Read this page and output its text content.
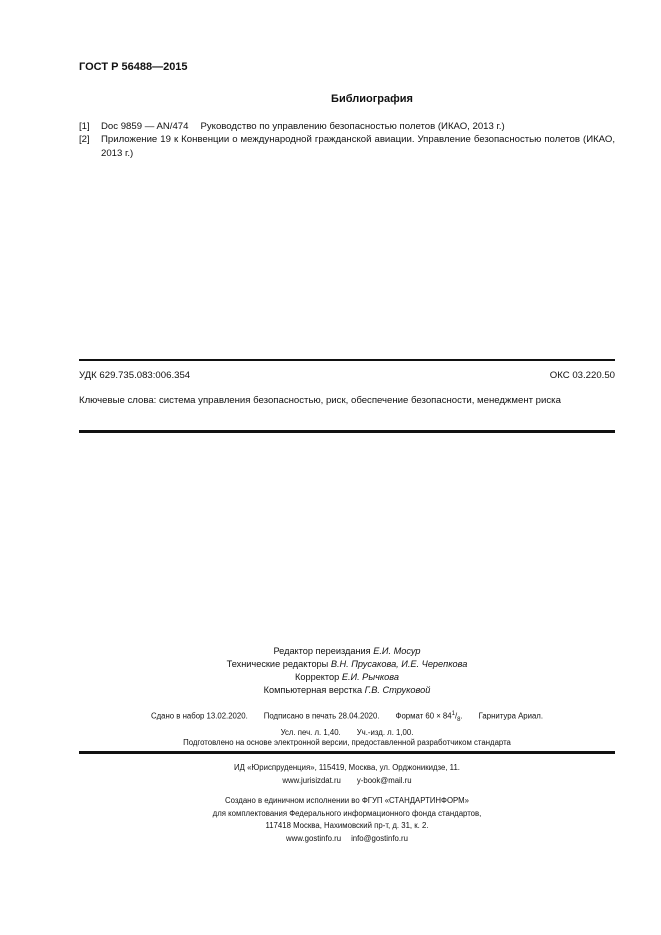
ГОСТ Р 56488—2015
Библиография
[1]	Doc 9859 — AN/474 Руководство по управлению безопасностью полетов (ИКАО, 2013 г.)
[2]	Приложение 19 к Конвенции о международной гражданской авиации. Управление безопасностью полетов (ИКАО, 2013 г.)
УДК 629.735.083:006.354	ОКС 03.220.50
Ключевые слова: система управления безопасностью, риск, обеспечение безопасности, менеджмент риска
Редактор переиздания Е.И. Мосур
Технические редакторы В.Н. Прусакова, И.Е. Черепкова
Корректор Е.И. Рычкова
Компьютерная верстка Г.В. Струковой
Сдано в набор 13.02.2020. Подписано в печать 28.04.2020. Формат $60 \times 84^1/_8$. Гарнитура Ариал.
Усл. печ. л. 1,40. Уч.-изд. л. 1,00.
Подготовлено на основе электронной версии, предоставленной разработчиком стандарта
ИД «Юриспруденция», 115419, Москва, ул. Орджоникидзе, 11.
www.jurisizdat.ru y-book@mail.ru
Создано в единичном исполнении во ФГУП «СТАНДАРТИНФОРМ»
для комплектования Федерального информационного фонда стандартов,
117418 Москва, Нахимовский пр-т, д. 31, к. 2.
www.gostinfo.ru info@gostinfo.ru
